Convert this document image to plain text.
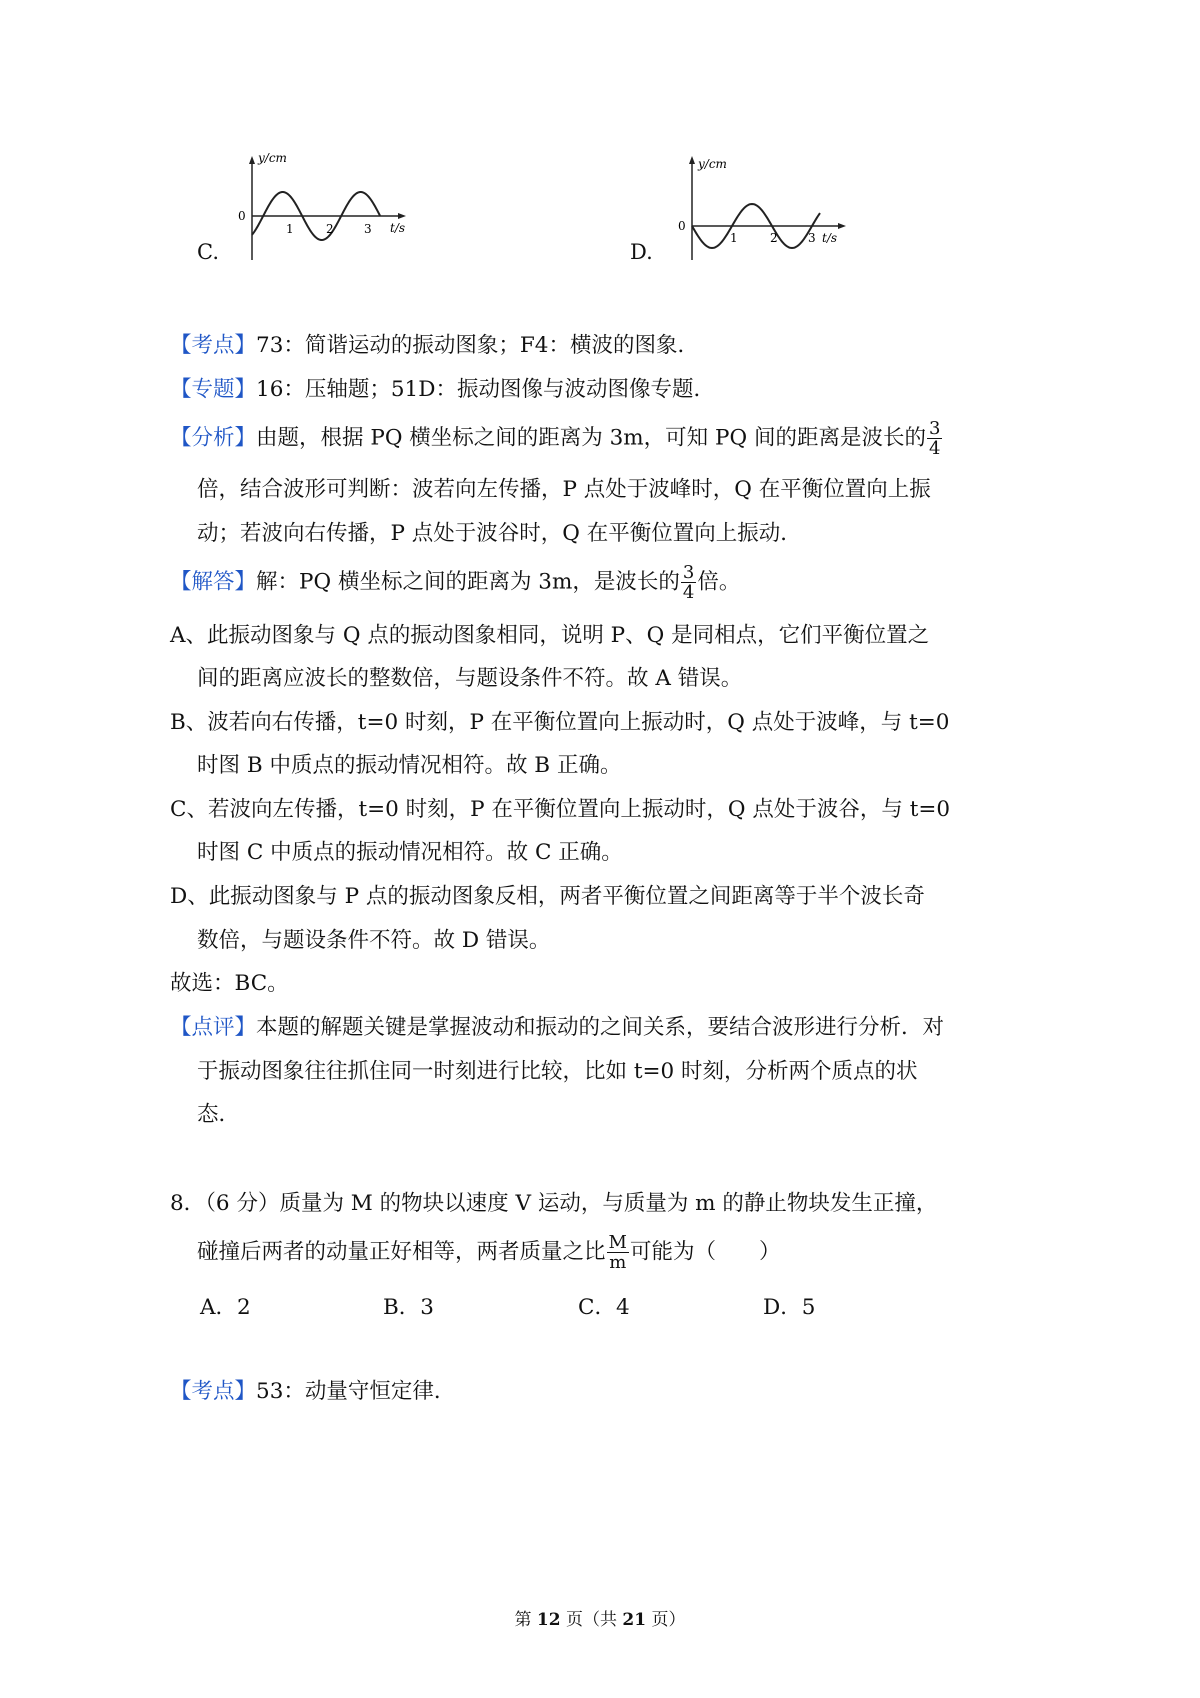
C.
y/cm
0
1	2	3 t/s
D.
y/cm
0
1	2	3 t/s
【考点】73：简谐运动的振动图象；F4：横波的图象．
【专题】16：压轴题；51D：振动图像与波动图像专题．
【分析】由题，根据 PQ 横坐标之间的距离为 3m，可知 PQ 间的距离是波长的 $\frac{3}{4}$
倍，结合波形可判断：波若向左传播，P 点处于波峰时，Q 在平衡位置向上振
动；若波向右传播，P 点处于波谷时，Q 在平衡位置向上振动．
【解答】解：PQ 横坐标之间的距离为 3m，是波长的 $\frac{3}{4}$ 倍。
A、此振动图象与 Q 点的振动图象相同，说明 P、Q 是同相点，它们平衡位置之
间的距离应波长的整数倍，与题设条件不符。故 A 错误。
B、波若向右传播，t=0 时刻，P 在平衡位置向上振动时，Q 点处于波峰，与 t=0
时图 B 中质点的振动情况相符。故 B 正确。
C、若波向左传播，t=0 时刻，P 在平衡位置向上振动时，Q 点处于波谷，与 t=0
时图 C 中质点的振动情况相符。故 C 正确。
D、此振动图象与 P 点的振动图象反相，两者平衡位置之间距离等于半个波长奇
数倍，与题设条件不符。故 D 错误。
故选：BC。
【点评】本题的解题关键是掌握波动和振动的之间关系，要结合波形进行分析．对
于振动图象往往抓住同一时刻进行比较，比如 t=0 时刻，分析两个质点的状
态．
8．（6 分）质量为 M 的物块以速度 V 运动，与质量为 m 的静止物块发生正撞，
碰撞后两者的动量正好相等，两者质量之比 $\frac{M}{m}$ 可能为（　　）
A．2	B．3	C．4	D．5
【考点】53：动量守恒定律．
第 12 页（共 21 页）
